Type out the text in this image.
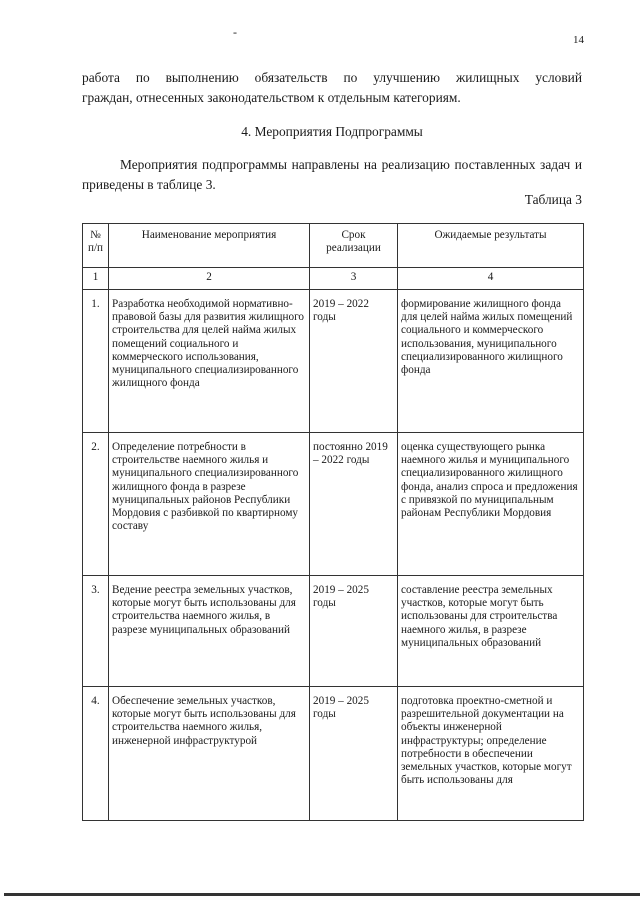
-
14
работа по выполнению обязательств по улучшению жилищных условий
граждан, отнесенных законодательством к отдельным категориям.
4. Мероприятия Подпрограммы
Мероприятия подпрограммы направлены на реализацию поставленных задач и приведены в таблице 3.
Таблица 3
№ п/п	Наименование мероприятия	Срок реализации	Ожидаемые результаты
1	2	3	4
1.	Разработка необходимой нормативно-правовой базы для развития жилищного строительства для целей найма жилых помещений социального и коммерческого использования, муниципального специализированного жилищного фонда	2019 – 2022 годы	формирование жилищного фонда для целей найма жилых помещений социального и коммерческого использования, муниципального специализированного жилищного фонда
2.	Определение потребности в строительстве наемного жилья и муниципального специализированного жилищного фонда в разрезе муниципальных районов Республики Мордовия с разбивкой по квартирному составу	постоянно 2019 – 2022 годы	оценка существующего рынка наемного жилья и муниципального специализированного жилищного фонда, анализ спроса и предложения с привязкой по муниципальным районам Республики Мордовия
3.	Ведение реестра земельных участков, которые могут быть использованы для строительства наемного жилья, в разрезе муниципальных образований	2019 – 2025 годы	составление реестра земельных участков, которые могут быть использованы для строительства наемного жилья, в разрезе муниципальных образований
4.	Обеспечение земельных участков, которые могут быть использованы для строительства наемного жилья, инженерной инфраструктурой	2019 – 2025 годы	подготовка проектно-сметной и разрешительной документации на объекты инженерной инфраструктуры; определение потребности в обеспечении земельных участков, которые могут быть использованы для
